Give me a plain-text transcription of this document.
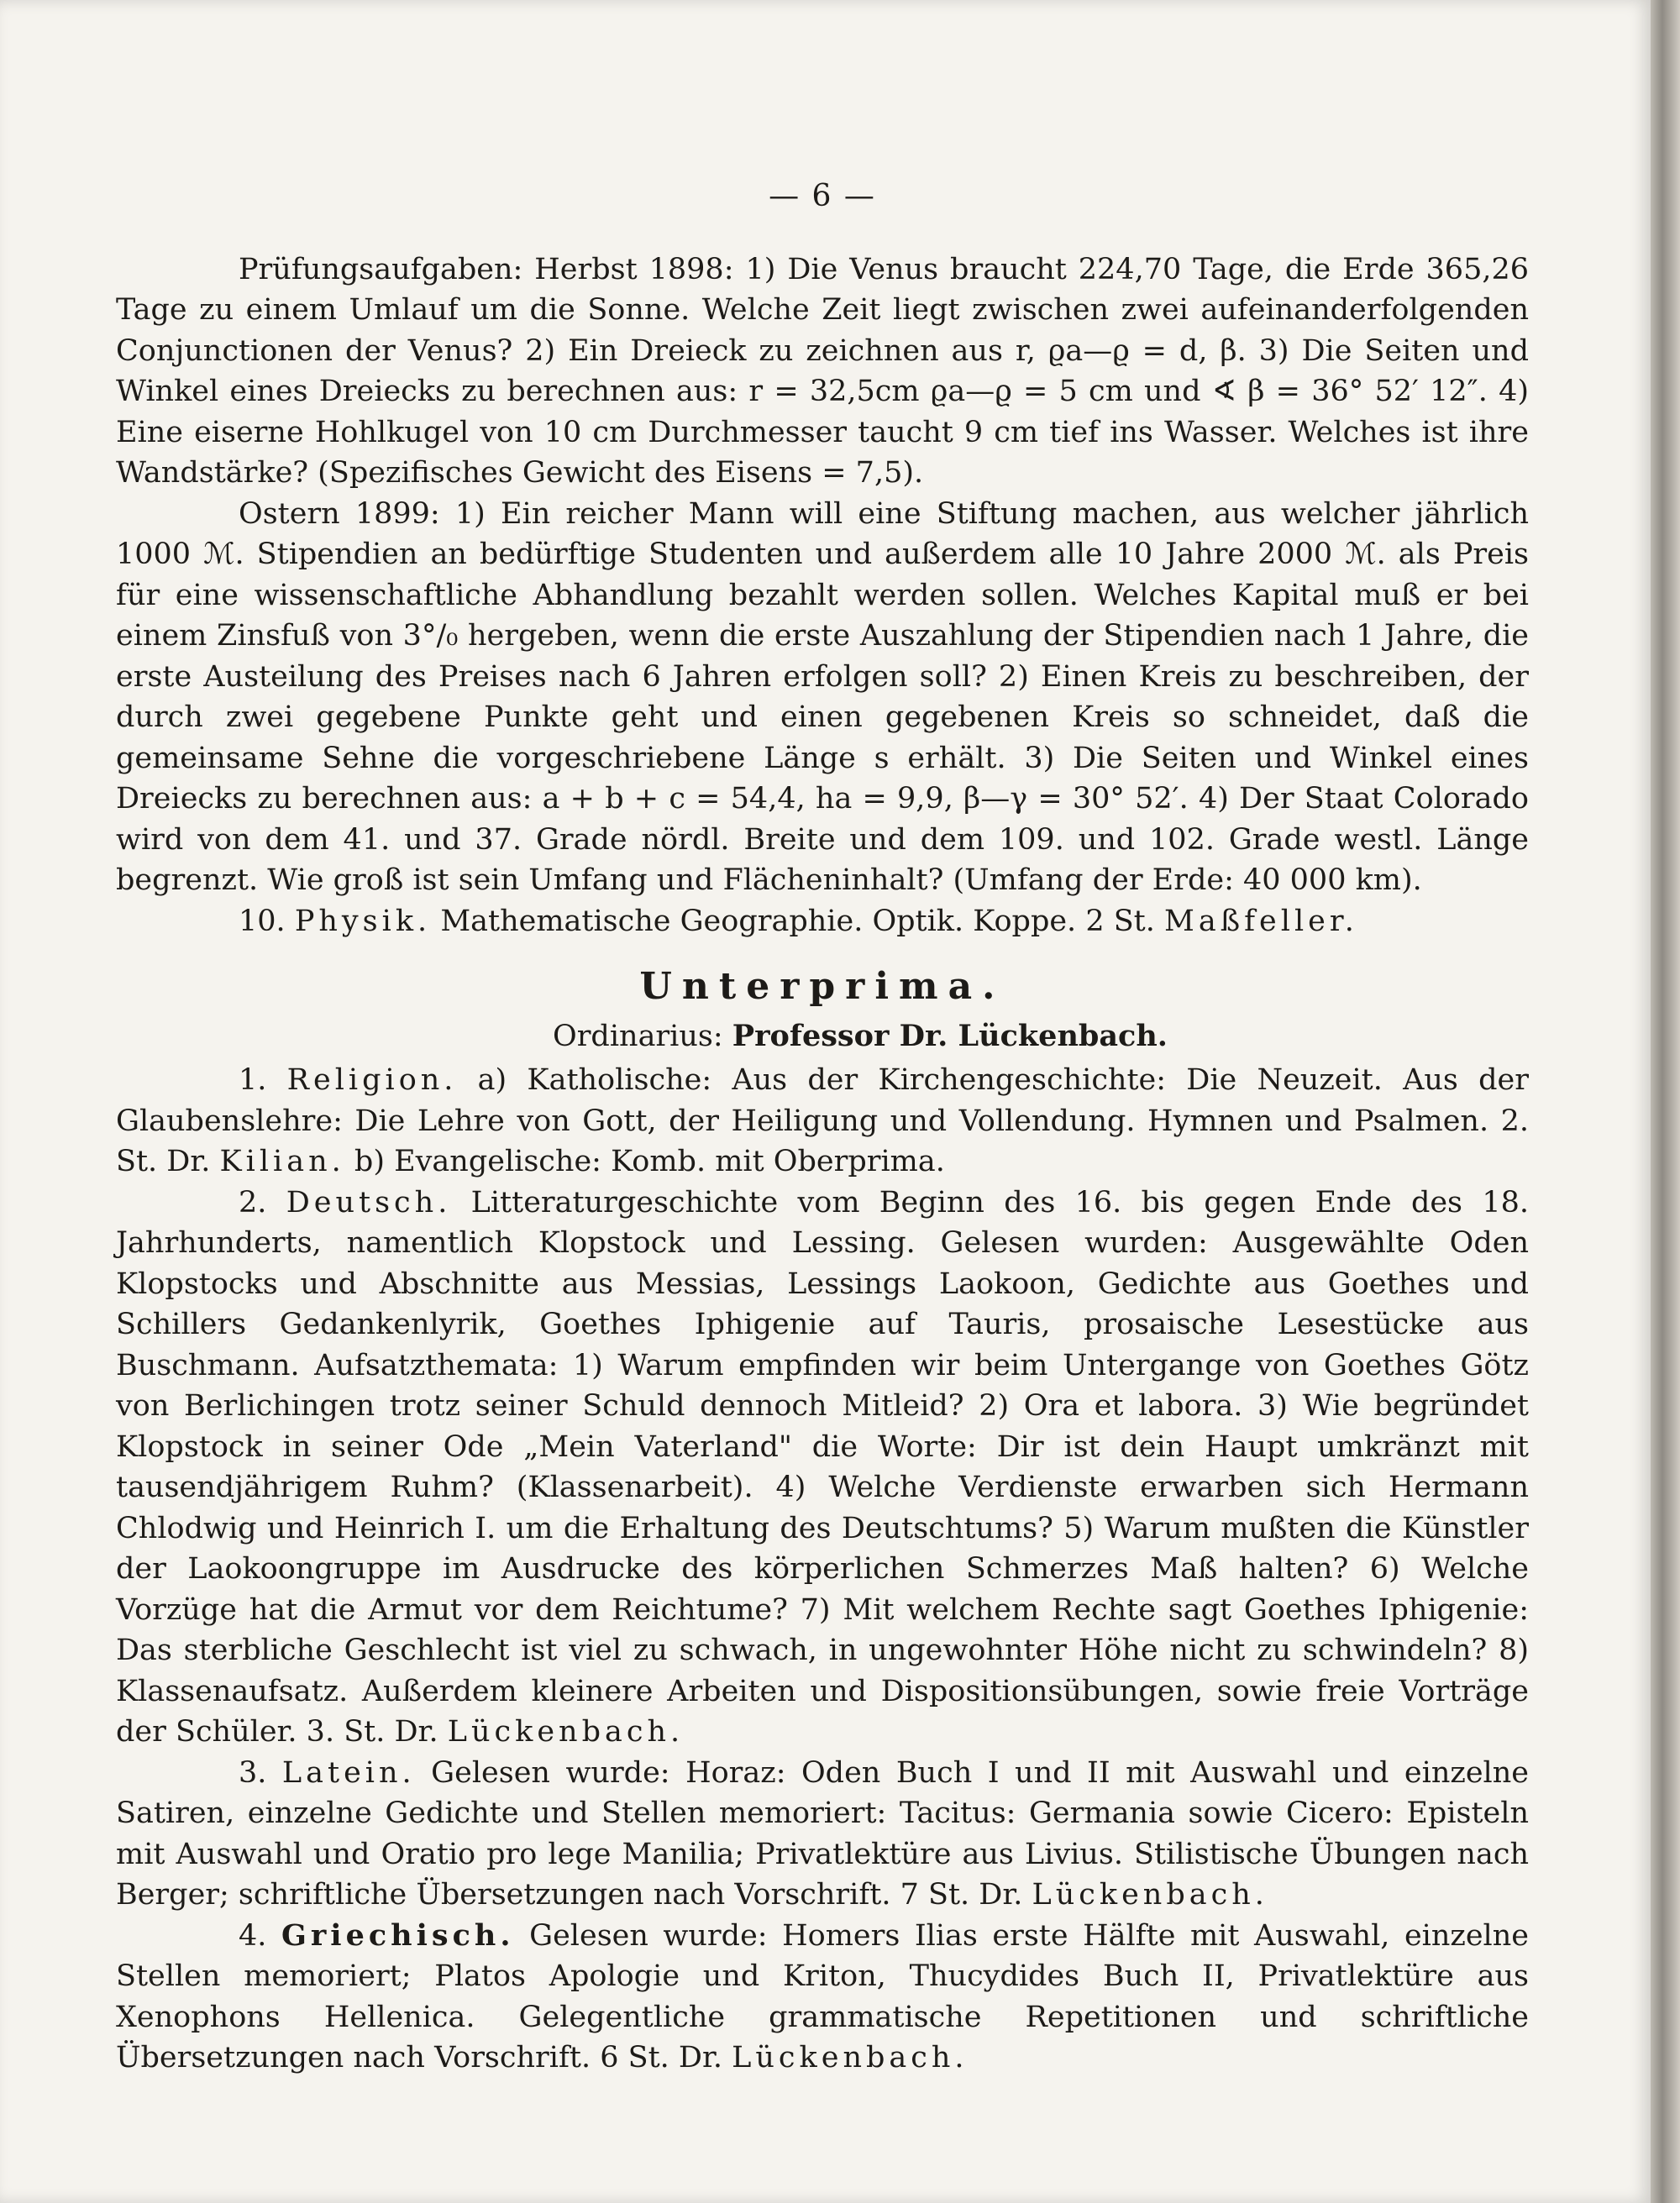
— 6 —

Prüfungsaufgaben: Herbst 1898: 1) Die Venus braucht 224,70 Tage, die Erde 365,26 Tage zu einem Umlauf um die Sonne. Welche Zeit liegt zwischen zwei aufeinanderfolgenden Conjunctionen der Venus? 2) Ein Dreieck zu zeichnen aus r, ϱa—ϱ = d, β. 3) Die Seiten und Winkel eines Dreiecks zu berechnen aus: r = 32,5cm ϱa—ϱ = 5 cm und ∢ β = 36° 52′ 12″. 4) Eine eiserne Hohlkugel von 10 cm Durchmesser taucht 9 cm tief ins Wasser. Welches ist ihre Wandstärke? (Spezifisches Gewicht des Eisens = 7,5).

Ostern 1899: 1) Ein reicher Mann will eine Stiftung machen, aus welcher jährlich 1000 ℳ. Stipendien an bedürftige Studenten und außerdem alle 10 Jahre 2000 ℳ. als Preis für eine wissenschaftliche Abhandlung bezahlt werden sollen. Welches Kapital muß er bei einem Zinsfuß von 3°/₀ hergeben, wenn die erste Auszahlung der Stipendien nach 1 Jahre, die erste Austeilung des Preises nach 6 Jahren erfolgen soll? 2) Einen Kreis zu beschreiben, der durch zwei gegebene Punkte geht und einen gegebenen Kreis so schneidet, daß die gemeinsame Sehne die vorgeschriebene Länge s erhält. 3) Die Seiten und Winkel eines Dreiecks zu berechnen aus: a + b + c = 54,4, ha = 9,9, β—γ = 30° 52′. 4) Der Staat Colorado wird von dem 41. und 37. Grade nördl. Breite und dem 109. und 102. Grade westl. Länge begrenzt. Wie groß ist sein Umfang und Flächeninhalt? (Umfang der Erde: 40 000 km).

10. Physik. Mathematische Geographie. Optik. Koppe. 2 St. Maßfeller.

Unterprima.
Ordinarius: Professor Dr. Lückenbach.

1. Religion. a) Katholische: Aus der Kirchengeschichte: Die Neuzeit. Aus der Glaubenslehre: Die Lehre von Gott, der Heiligung und Vollendung. Hymnen und Psalmen. 2. St. Dr. Kilian. b) Evangelische: Komb. mit Oberprima.

2. Deutsch. Litteraturgeschichte vom Beginn des 16. bis gegen Ende des 18. Jahrhunderts, namentlich Klopstock und Lessing. Gelesen wurden: Ausgewählte Oden Klopstocks und Abschnitte aus Messias, Lessings Laokoon, Gedichte aus Goethes und Schillers Gedankenlyrik, Goethes Iphigenie auf Tauris, prosaische Lesestücke aus Buschmann. Aufsatzthemata: 1) Warum empfinden wir beim Untergange von Goethes Götz von Berlichingen trotz seiner Schuld dennoch Mitleid? 2) Ora et labora. 3) Wie begründet Klopstock in seiner Ode „Mein Vaterland" die Worte: Dir ist dein Haupt umkränzt mit tausendjährigem Ruhm? (Klassenarbeit). 4) Welche Verdienste erwarben sich Hermann Chlodwig und Heinrich I. um die Erhaltung des Deutschtums? 5) Warum mußten die Künstler der Laokoongruppe im Ausdrucke des körperlichen Schmerzes Maß halten? 6) Welche Vorzüge hat die Armut vor dem Reichtume? 7) Mit welchem Rechte sagt Goethes Iphigenie: Das sterbliche Geschlecht ist viel zu schwach, in ungewohnter Höhe nicht zu schwindeln? 8) Klassenaufsatz. Außerdem kleinere Arbeiten und Dispositionsübungen, sowie freie Vorträge der Schüler. 3. St. Dr. Lückenbach.

3. Latein. Gelesen wurde: Horaz: Oden Buch I und II mit Auswahl und einzelne Satiren, einzelne Gedichte und Stellen memoriert: Tacitus: Germania sowie Cicero: Episteln mit Auswahl und Oratio pro lege Manilia; Privatlektüre aus Livius. Stilistische Übungen nach Berger; schriftliche Übersetzungen nach Vorschrift. 7 St. Dr. Lückenbach.

4. Griechisch. Gelesen wurde: Homers Ilias erste Hälfte mit Auswahl, einzelne Stellen memoriert; Platos Apologie und Kriton, Thucydides Buch II, Privatlektüre aus Xenophons Hellenica. Gelegentliche grammatische Repetitionen und schriftliche Übersetzungen nach Vorschrift. 6 St. Dr. Lückenbach.
